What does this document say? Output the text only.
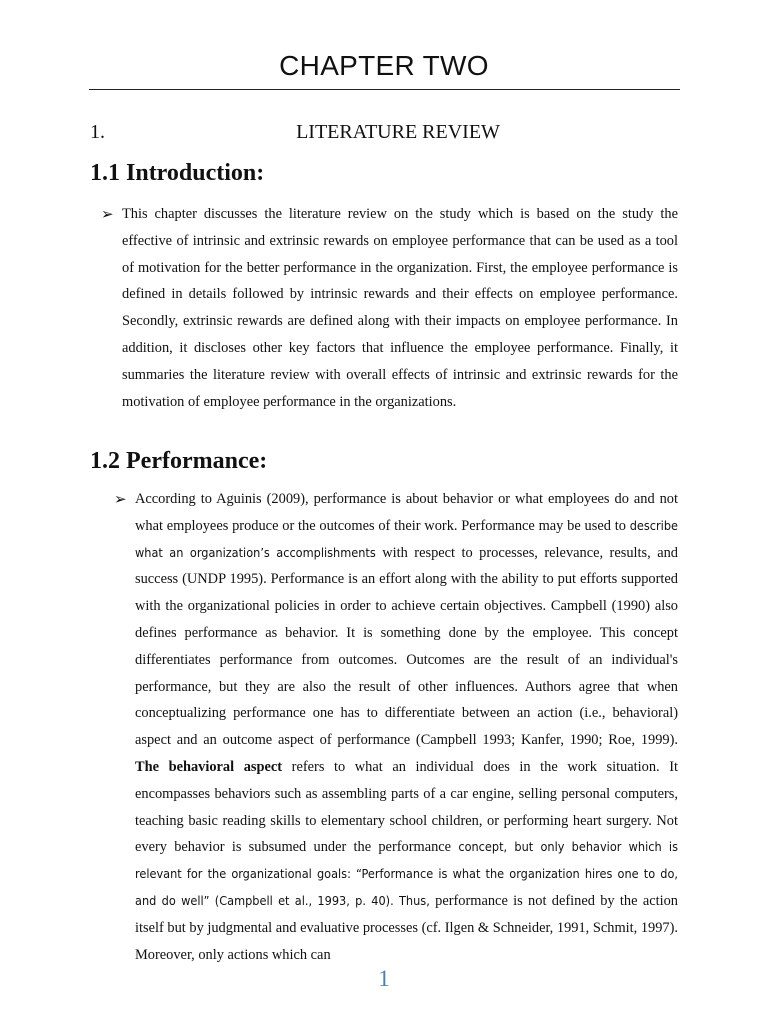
CHAPTER TWO
1.	LITERATURE REVIEW
1.1 Introduction:
➢ This chapter discusses the literature review on the study which is based on the study the effective of intrinsic and extrinsic rewards on employee performance that can be used as a tool of motivation for the better performance in the organization. First, the employee performance is defined in details followed by intrinsic rewards and their effects on employee performance. Secondly, extrinsic rewards are defined along with their impacts on employee performance. In addition, it discloses other key factors that influence the employee performance. Finally, it summaries the literature review with overall effects of intrinsic and extrinsic rewards for the motivation of employee performance in the organizations.

1.2 Performance:
➢ According to Aguinis (2009), performance is about behavior or what employees do and not what employees produce or the outcomes of their work. Performance may be used to describe what an organization’s accomplishments with respect to processes, relevance, results, and success (UNDP 1995). Performance is an effort along with the ability to put efforts supported with the organizational policies in order to achieve certain objectives. Campbell (1990) also defines performance as behavior. It is something done by the employee. This concept differentiates performance from outcomes. Outcomes are the result of an individual's performance, but they are also the result of other influences. Authors agree that when conceptualizing performance one has to differentiate between an action (i.e., behavioral) aspect and an outcome aspect of performance (Campbell 1993; Kanfer, 1990; Roe, 1999). The behavioral aspect refers to what an individual does in the work situation. It encompasses behaviors such as assembling parts of a car engine, selling personal computers, teaching basic reading skills to elementary school children, or performing heart surgery. Not every behavior is subsumed under the performance concept, but only behavior which is relevant for the organizational goals: “Performance is what the organization hires one to do, and do well” (Campbell et al., 1993, p. 40). Thus, performance is not defined by the action itself but by judgmental and evaluative processes (cf. Ilgen & Schneider, 1991, Schmit, 1997). Moreover, only actions which can

1
